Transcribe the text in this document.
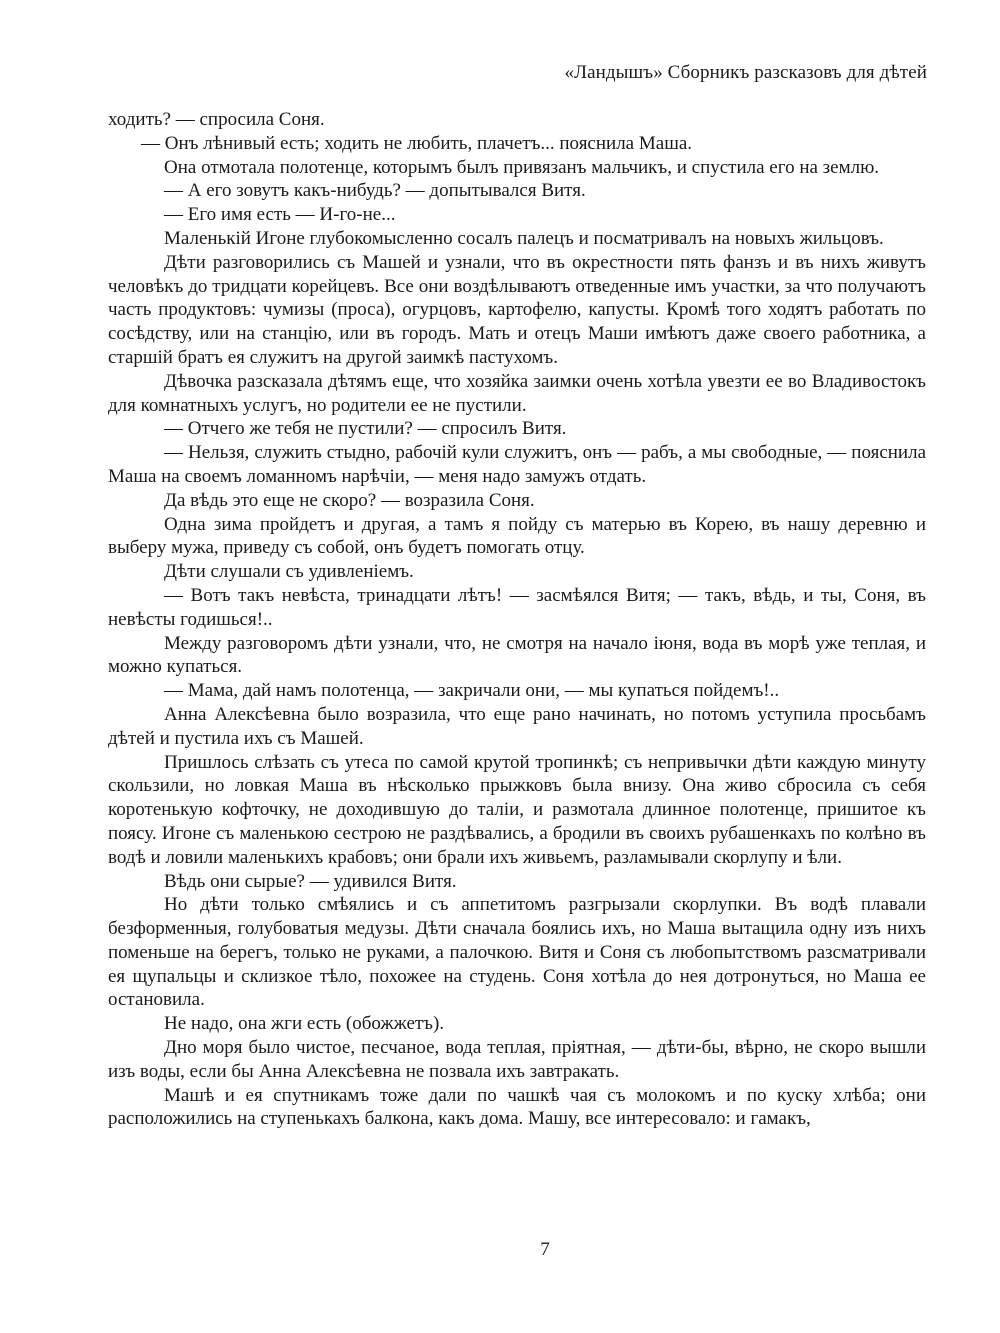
«Ландышъ» Сборникъ разсказовъ для дѣтей

ходить? — спросила Соня.

— Онъ лѣнивый есть; ходить не любить, плачетъ... пояснила Маша.

Она отмотала полотенце, которымъ былъ привязанъ мальчикъ, и спустила его на землю.

— А его зовутъ какъ-нибудь? — допытывался Витя.

— Его имя есть — И-го-не...

Маленькій Игоне глубокомысленно сосалъ палецъ и посматривалъ на новыхъ жильцовъ.

Дѣти разговорились съ Машей и узнали, что въ окрестности пять фанзъ и въ нихъ живутъ человѣкъ до тридцати корейцевъ. Все они воздѣлываютъ отведенные имъ участки, за что получаютъ часть продуктовъ: чумизы (проса), огурцовъ, картофелю, капусты. Кромѣ того ходятъ работать по сосѣдству, или на станцію, или въ городъ. Мать и отецъ Маши имѣютъ даже своего работника, а старшій братъ ея служитъ на другой заимкѣ пастухомъ.

Дѣвочка разсказала дѣтямъ еще, что хозяйка заимки очень хотѣла увезти ее во Владивостокъ для комнатныхъ услугъ, но родители ее не пустили.

— Отчего же тебя не пустили? — спросилъ Витя.

— Нельзя, служить стыдно, рабочій кули служитъ, онъ — рабъ, а мы свободные, — пояснила Маша на своемъ ломанномъ нарѣчіи, — меня надо замужъ отдать.

Да вѣдь это еще не скоро? — возразила Соня.

Одна зима пройдетъ и другая, а тамъ я пойду съ матерью въ Корею, въ нашу деревню и выберу мужа, приведу съ собой, онъ будетъ помогать отцу.

Дѣти слушали съ удивленіемъ.

— Вотъ такъ невѣста, тринадцати лѣтъ! — засмѣялся Витя; — такъ, вѣдь, и ты, Соня, въ невѣсты годишься!..

Между разговоромъ дѣти узнали, что, не смотря на начало іюня, вода въ морѣ уже теплая, и можно купаться.

— Мама, дай намъ полотенца, — закричали они, — мы купаться пойдемъ!..

Анна Алексѣевна было возразила, что еще рано начинать, но потомъ уступила просьбамъ дѣтей и пустила ихъ съ Машей.

Пришлось слѣзать съ утеса по самой крутой тропинкѣ; съ непривычки дѣти каждую минуту скользили, но ловкая Маша въ нѣсколько прыжковъ была внизу. Она живо сбросила съ себя коротенькую кофточку, не доходившую до таліи, и размотала длинное полотенце, пришитое къ поясу. Игоне съ маленькою сестрою не раздѣвались, а бродили въ своихъ рубашенкахъ по колѣно въ водѣ и ловили маленькихъ крабовъ; они брали ихъ живьемъ, разламывали скорлупу и ѣли.

Вѣдь они сырые? — удивился Витя.

Но дѣти только смѣялись и съ аппетитомъ разгрызали скорлупки. Въ водѣ плавали безформенныя, голубоватыя медузы. Дѣти сначала боялись ихъ, но Маша вытащила одну изъ нихъ поменьше на берегъ, только не руками, а палочкою. Витя и Соня съ любопытствомъ разсматривали ея щупальцы и склизкое тѣло, похожее на студень. Соня хотѣла до нея дотронуться, но Маша ее остановила.

Не надо, она жги есть (обожжетъ).

Дно моря было чистое, песчаное, вода теплая, пріятная, — дѣти-бы, вѣрно, не скоро вышли изъ воды, если бы Анна Алексѣевна не позвала ихъ завтракать.

Машѣ и ея спутникамъ тоже дали по чашкѣ чая съ молокомъ и по куску хлѣба; они расположились на ступенькахъ балкона, какъ дома. Машу, все интересовало: и гамакъ,

7
